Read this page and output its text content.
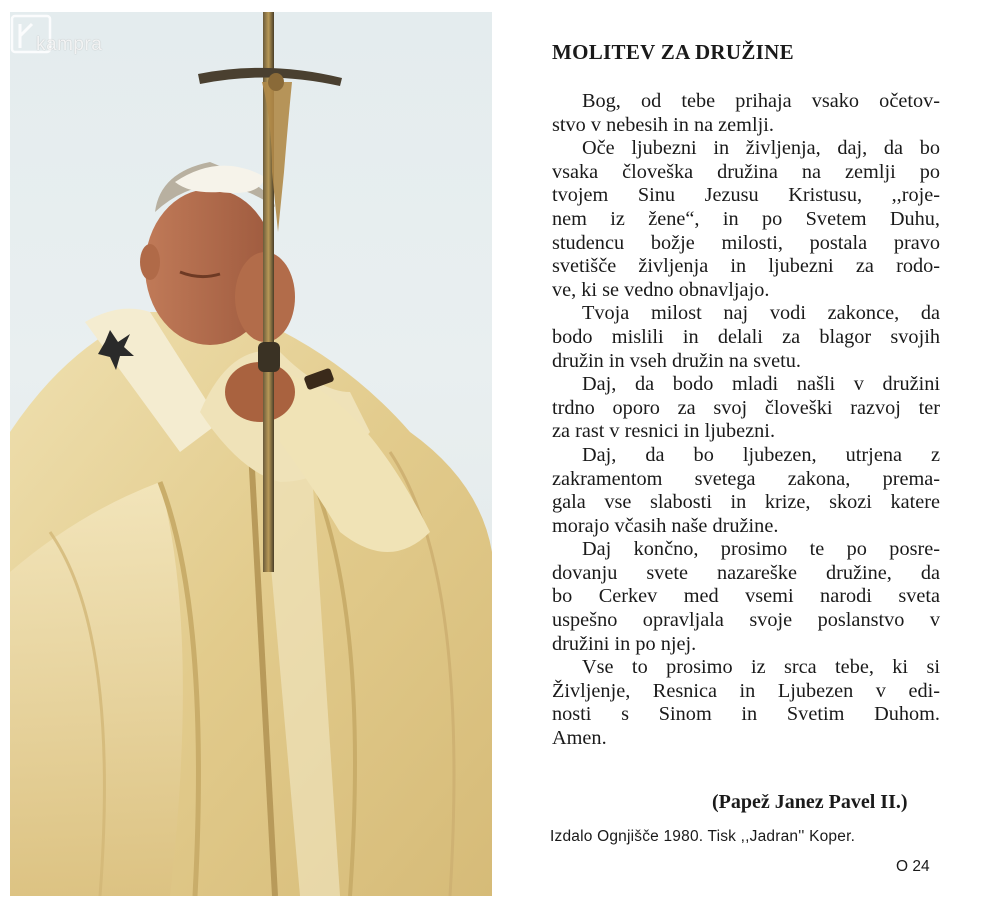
kampra	MOLITEV ZA DRUŽINE
Bog, od tebe prihaja vsako očetov-
stvo v nebesih in na zemlji.
Oče ljubezni in življenja, daj, da bo
vsaka človeška družina na zemlji po
tvojem Sinu Jezusu Kristusu, ,,roje-
nem iz žene“, in po Svetem Duhu,
studencu božje milosti, postala pravo
svetišče življenja in ljubezni za rodo-
ve, ki se vedno obnavljajo.
Tvoja milost naj vodi zakonce, da
bodo mislili in delali za blagor svojih
družin in vseh družin na svetu.
Daj, da bodo mladi našli v družini
trdno oporo za svoj človeški razvoj ter
za rast v resnici in ljubezni.
Daj, da bo ljubezen, utrjena z
zakramentom svetega zakona, prema-
gala vse slabosti in krize, skozi katere
morajo včasih naše družine.
Daj končno, prosimo te po posre-
dovanju svete nazareške družine, da
bo Cerkev med vsemi narodi sveta
uspešno opravljala svoje poslanstvo v
družini in po njej.
Vse to prosimo iz srca tebe, ki si
Življenje, Resnica in Ljubezen v edi-
nosti s Sinom in Svetim Duhom.
Amen.
(Papež Janez Pavel II.)
Izdalo Ognjišče 1980. Tisk ,,Jadran'' Koper.
O 24
